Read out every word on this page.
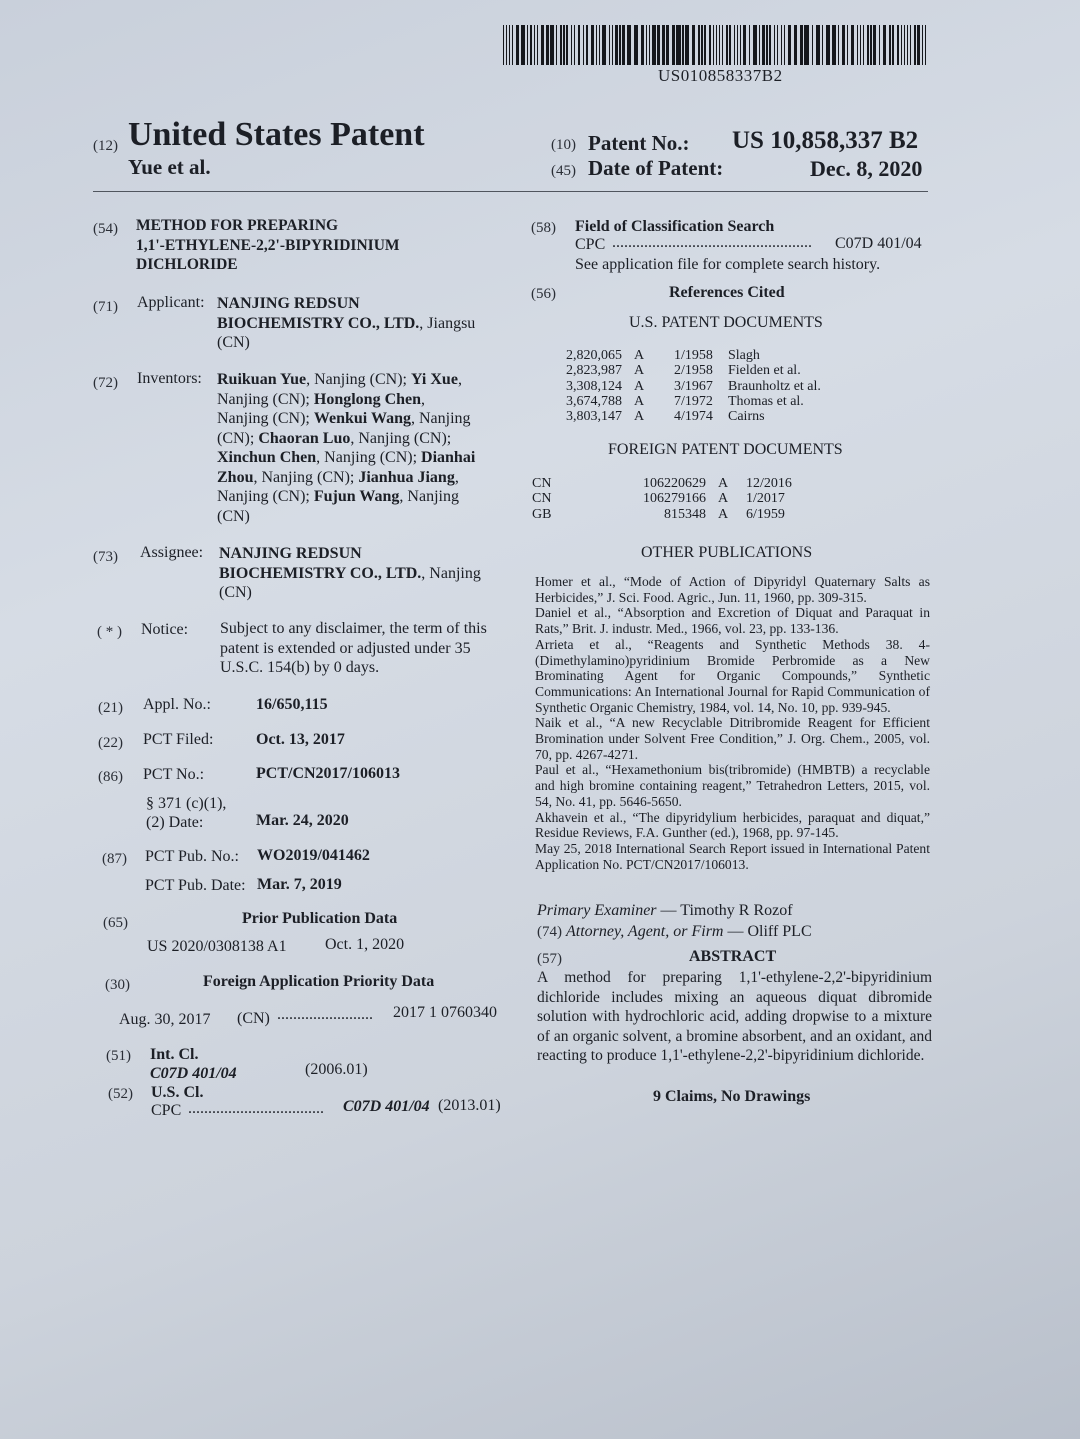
US010858337B2
(12) United States Patent
Yue et al.
(10) Patent No.: US 10,858,337 B2
(45) Date of Patent:	Dec. 8, 2020
(54) METHOD FOR PREPARING
1,1'-ETHYLENE-2,2'-BIPYRIDINIUM
DICHLORIDE
(71) Applicant: NANJING REDSUN
BIOCHEMISTRY CO., LTD., Jiangsu
(CN)
(72) Inventors: Ruikuan Yue, Nanjing (CN); Yi Xue,
Nanjing (CN); Honglong Chen,
Nanjing (CN); Wenkui Wang, Nanjing
(CN); Chaoran Luo, Nanjing (CN);
Xinchun Chen, Nanjing (CN); Dianhai
Zhou, Nanjing (CN); Jianhua Jiang,
Nanjing (CN); Fujun Wang, Nanjing
(CN)
(73) Assignee: NANJING REDSUN
BIOCHEMISTRY CO., LTD., Nanjing
(CN)
( * ) Notice: Subject to any disclaimer, the term of this
patent is extended or adjusted under 35
U.S.C. 154(b) by 0 days.
(21) Appl. No.:	16/650,115
(22) PCT Filed:	Oct. 13, 2017
(86) PCT No.:	PCT/CN2017/106013
§ 371 (c)(1),
(2) Date:	Mar. 24, 2020
(87) PCT Pub. No.: WO2019/041462
PCT Pub. Date: Mar. 7, 2019
(65)	Prior Publication Data
US 2020/0308138 A1 Oct. 1, 2020
(30)	Foreign Application Priority Data
Aug. 30, 2017 (CN) ........................ 2017 1 0760340
(51) Int. Cl.
C07D 401/04	(2006.01)
(52) U.S. Cl.
CPC .................................. C07D 401/04 (2013.01)
(58) Field of Classification Search
CPC .................................................. C07D 401/04
See application file for complete search history.
(56)	References Cited
U.S. PATENT DOCUMENTS
2,820,065	A	1/1958	Slagh
2,823,987	A	2/1958	Fielden et al.
3,308,124	A	3/1967	Braunholtz et al.
3,674,788	A	7/1972	Thomas et al.
3,803,147	A	4/1974	Cairns
FOREIGN PATENT DOCUMENTS
CN	106220629	A	12/2016
CN	106279166	A	1/2017
GB	815348	A	6/1959
OTHER PUBLICATIONS

Homer et al., “Mode of Action of Dipyridyl Quaternary Salts as Herbicides,” J. Sci. Food. Agric., Jun. 11, 1960, pp. 309-315.

Daniel et al., “Absorption and Excretion of Diquat and Paraquat in Rats,” Brit. J. industr. Med., 1966, vol. 23, pp. 133-136.

Arrieta et al., “Reagents and Synthetic Methods 38. 4-(Dimethylamino)pyridinium Bromide Perbromide as a New Brominating Agent for Organic Compounds,” Synthetic Communications: An International Journal for Rapid Communication of Synthetic Organic Chemistry, 1984, vol. 14, No. 10, pp. 939-945.

Naik et al., “A new Recyclable Ditribromide Reagent for Efficient Bromination under Solvent Free Condition,” J. Org. Chem., 2005, vol. 70, pp. 4267-4271.

Paul et al., “Hexamethonium bis(tribromide) (HMBTB) a recyclable and high bromine containing reagent,” Tetrahedron Letters, 2015, vol. 54, No. 41, pp. 5646-5650.

Akhavein et al., “The dipyridylium herbicides, paraquat and diquat,” Residue Reviews, F.A. Gunther (ed.), 1968, pp. 97-145.

May 25, 2018 International Search Report issued in International Patent Application No. PCT/CN2017/106013.

Primary Examiner — Timothy R Rozof
(74) Attorney, Agent, or Firm — Oliff PLC
(57)	ABSTRACT
A method for preparing 1,1'-ethylene-2,2'-bipyridinium dichloride includes mixing an aqueous diquat dibromide solution with hydrochloric acid, adding dropwise to a mixture of an organic solvent, a bromine absorbent, and an oxidant, and reacting to produce 1,1'-ethylene-2,2'-bipyridinium dichloride.
9 Claims, No Drawings
